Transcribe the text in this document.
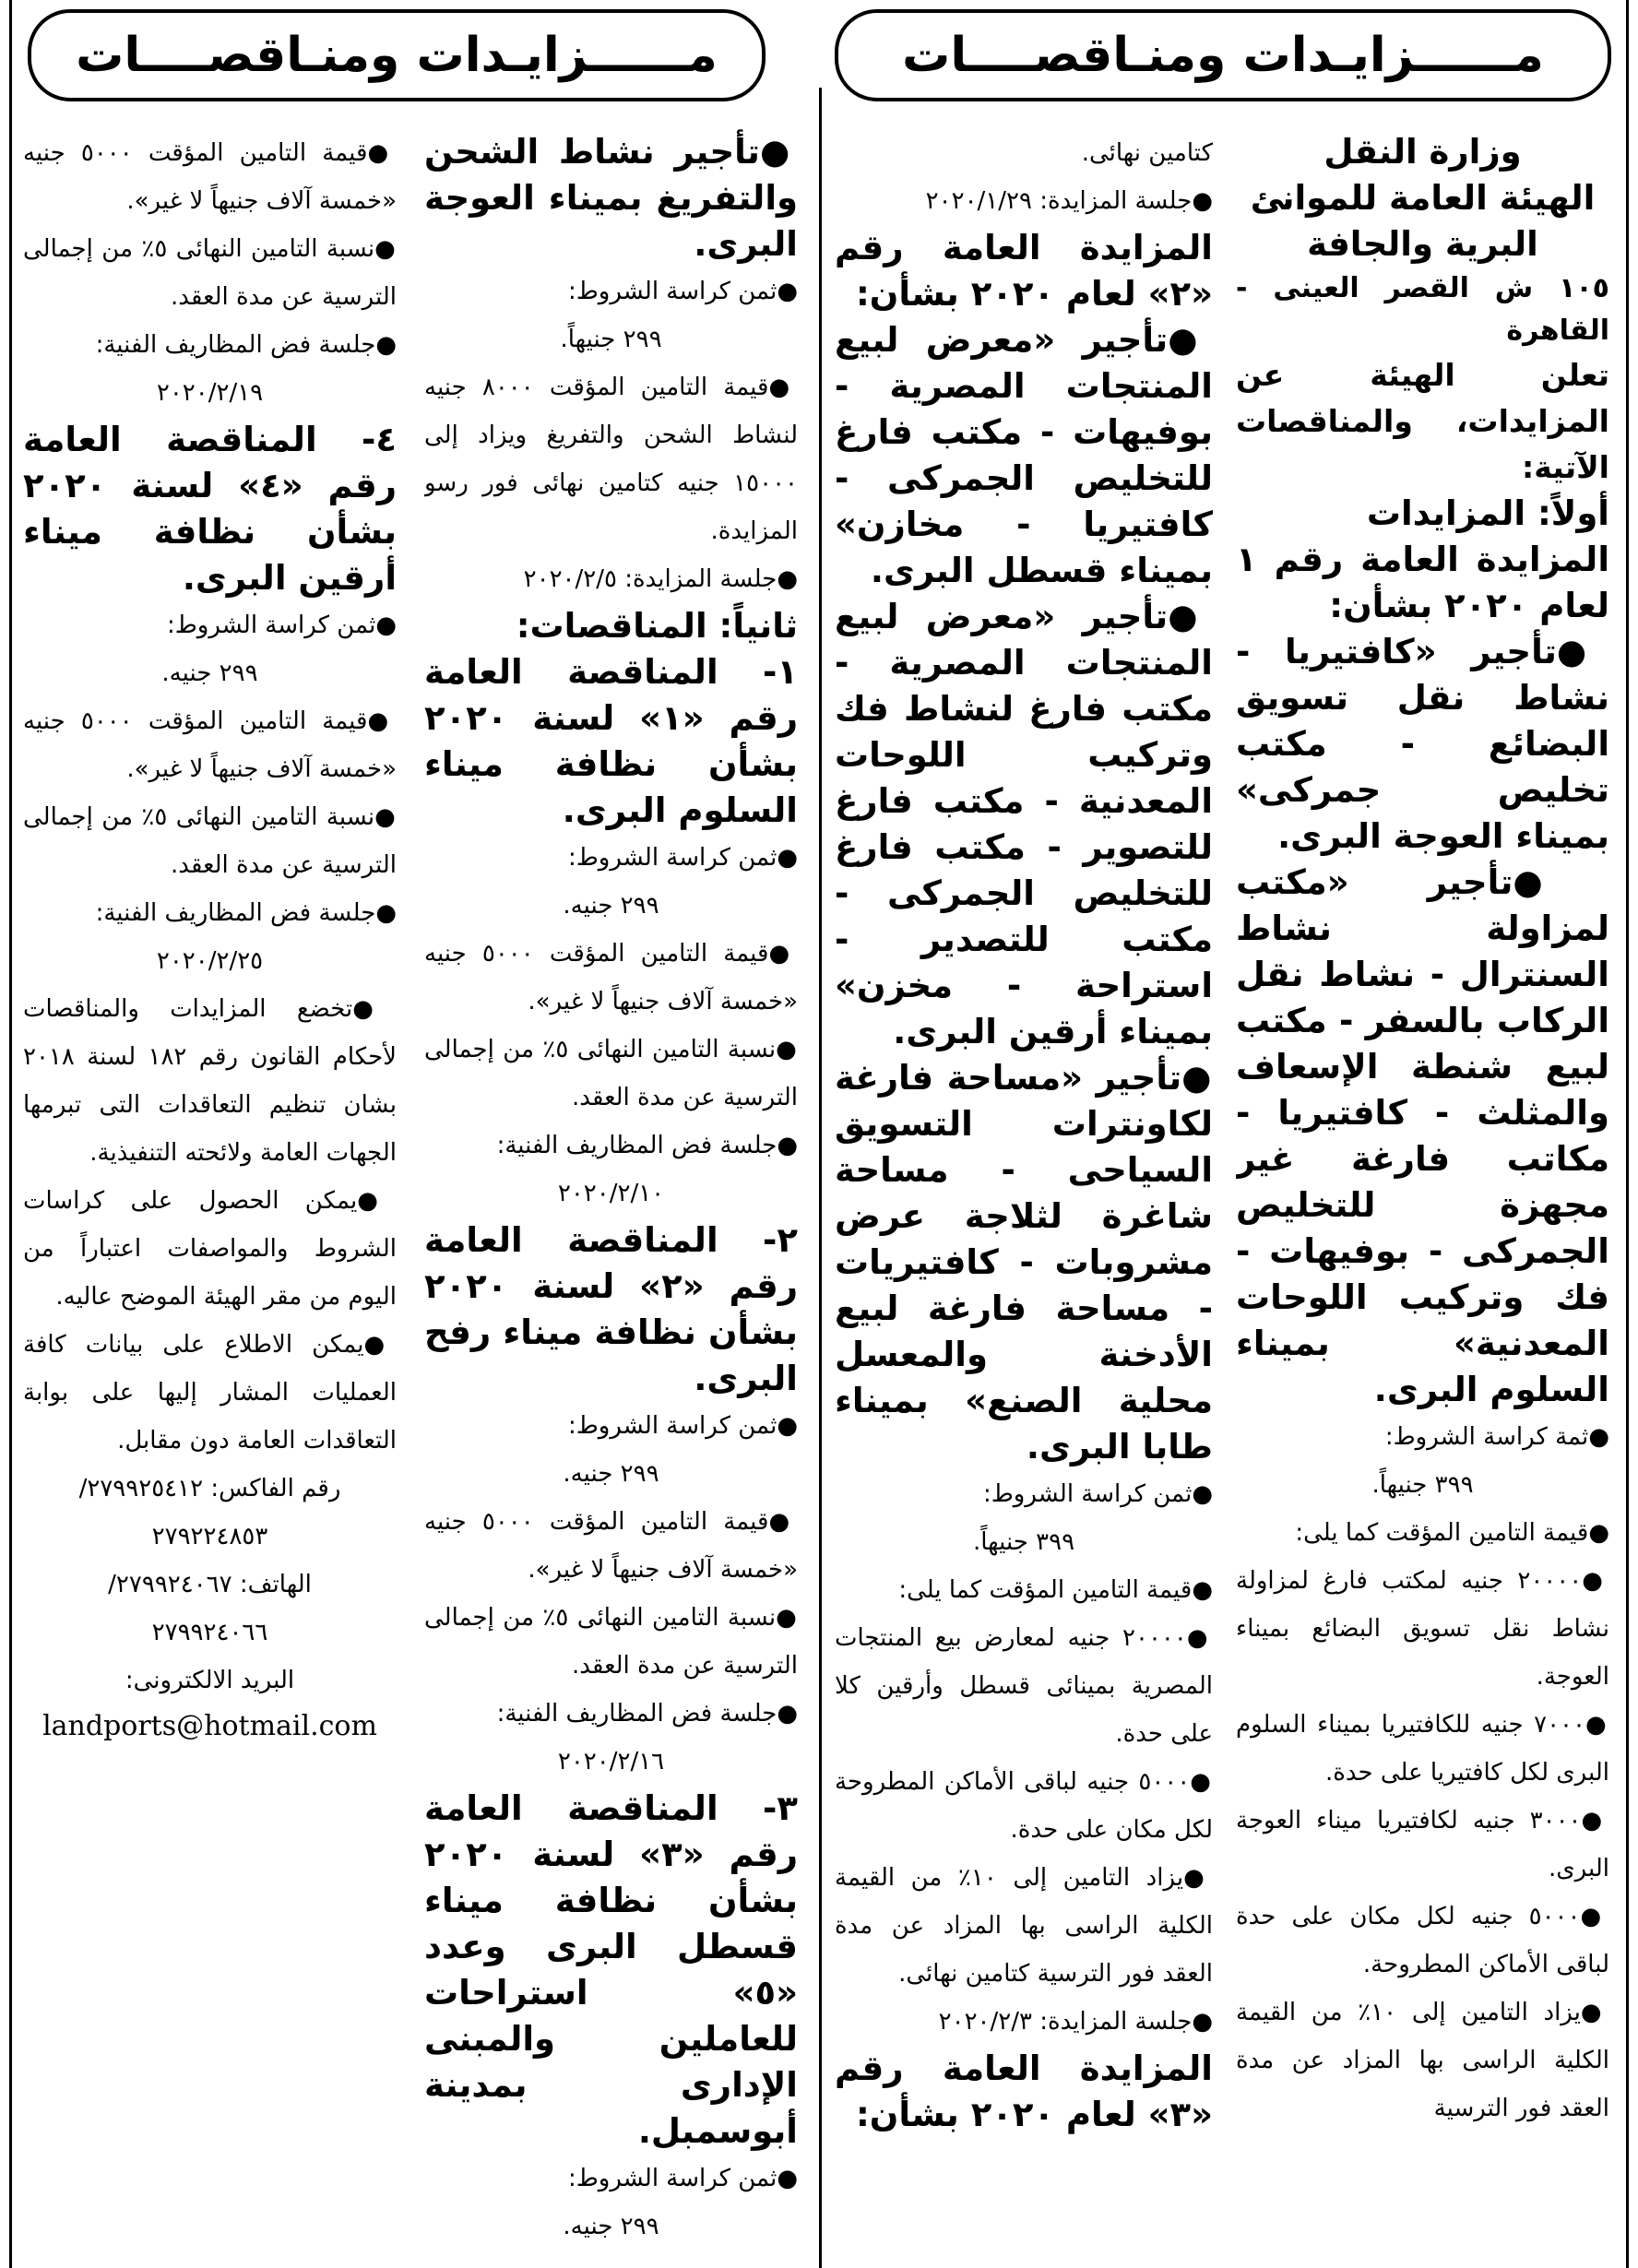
مــــــزايـدات ومنـاقصــــات
مــــــزايـدات ومنـاقصــــات

وزارة النقل

الهيئة العامة للموانئ البرية والجافة

١٠٥ ش القصر العينى - القاهرة

تعلن الهيئة عن المزايدات، والمناقصات الآتية:

أولاً: المزايدات

المزايدة العامة رقم ١ لعام ٢٠٢٠ بشأن:

● تأجير «كافتيريا - نشاط نقل تسويق البضائع - مكتب تخليص جمركى» بميناء العوجة البرى.

● تأجير «مكتب لمزاولة نشاط السنترال - نشاط نقل الركاب بالسفر - مكتب لبيع شنطة الإسعاف والمثلث - كافتيريا - مكاتب فارغة غير مجهزة للتخليص الجمركى - بوفيهات - فك وتركيب اللوحات المعدنية» بميناء السلوم البرى.

● ثمة كراسة الشروط:

٣٩٩ جنيهاً.

● قيمة التامين المؤقت كما يلى:

● ٢٠٠٠٠ جنيه لمكتب فارغ لمزاولة نشاط نقل تسويق البضائع بميناء العوجة.

● ٧٠٠٠ جنيه للكافتيريا بميناء السلوم البرى لكل كافتيريا على حدة.

● ٣٠٠٠ جنيه لكافتيريا ميناء العوجة البرى.

● ٥٠٠٠ جنيه لكل مكان على حدة لباقى الأماكن المطروحة.

● يزاد التامين إلى ١٠٪ من القيمة الكلية الراسى بها المزاد عن مدة العقد فور الترسية

كتامين نهائى.

● جلسة المزايدة: ٢٠٢٠/١/٢٩

المزايدة العامة رقم «٢» لعام ٢٠٢٠ بشأن:

● تأجير «معرض لبيع المنتجات المصرية - بوفيهات - مكتب فارغ للتخليص الجمركى - كافتيريا - مخازن» بميناء قسطل البرى.

● تأجير «معرض لبيع المنتجات المصرية - مكتب فارغ لنشاط فك وتركيب اللوحات المعدنية - مكتب فارغ للتصوير - مكتب فارغ للتخليص الجمركى - مكتب للتصدير - استراحة - مخزن» بميناء أرقين البرى.

● تأجير «مساحة فارغة لكاونترات التسويق السياحى - مساحة شاغرة لثلاجة عرض مشروبات - كافتيريات - مساحة فارغة لبيع الأدخنة والمعسل محلية الصنع» بميناء طابا البرى.

● ثمن كراسة الشروط:

٣٩٩ جنيهاً.

● قيمة التامين المؤقت كما يلى:

● ٢٠٠٠٠ جنيه لمعارض بيع المنتجات المصرية بمينائى قسطل وأرقين كلا على حدة.

● ٥٠٠٠ جنيه لباقى الأماكن المطروحة لكل مكان على حدة.

● يزاد التامين إلى ١٠٪ من القيمة الكلية الراسى بها المزاد عن مدة العقد فور الترسية كتامين نهائى.

● جلسة المزايدة: ٢٠٢٠/٢/٣

المزايدة العامة رقم «٣» لعام ٢٠٢٠ بشأن:

● تأجير نشاط الشحن والتفريغ بميناء العوجة البرى.

● ثمن كراسة الشروط:

٢٩٩ جنيهاً.

● قيمة التامين المؤقت ٨٠٠٠ جنيه لنشاط الشحن والتفريغ ويزاد إلى ١٥٠٠٠ جنيه كتامين نهائى فور رسو المزايدة.

● جلسة المزايدة: ٢٠٢٠/٢/٥

ثانياً: المناقصات:

١- المناقصة العامة رقم «١» لسنة ٢٠٢٠ بشأن نظافة ميناء السلوم البرى.

● ثمن كراسة الشروط:

٢٩٩ جنيه.

● قيمة التامين المؤقت ٥٠٠٠ جنيه «خمسة آلاف جنيهاً لا غير».

● نسبة التامين النهائى ٥٪ من إجمالى الترسية عن مدة العقد.

● جلسة فض المظاريف الفنية:

٢٠٢٠/٢/١٠

٢- المناقصة العامة رقم «٢» لسنة ٢٠٢٠ بشأن نظافة ميناء رفح البرى.

● ثمن كراسة الشروط:

٢٩٩ جنيه.

● قيمة التامين المؤقت ٥٠٠٠ جنيه «خمسة آلاف جنيهاً لا غير».

● نسبة التامين النهائى ٥٪ من إجمالى الترسية عن مدة العقد.

● جلسة فض المظاريف الفنية:

٢٠٢٠/٢/١٦

٣- المناقصة العامة رقم «٣» لسنة ٢٠٢٠ بشأن نظافة ميناء قسطل البرى وعدد «٥» استراحات للعاملين والمبنى الإدارى بمدينة أبوسمبل.

● ثمن كراسة الشروط:

٢٩٩ جنيه.

● قيمة التامين المؤقت ٥٠٠٠ جنيه «خمسة آلاف جنيهاً لا غير».

● نسبة التامين النهائى ٥٪ من إجمالى الترسية عن مدة العقد.

● جلسة فض المظاريف الفنية:

٢٠٢٠/٢/١٩

٤- المناقصة العامة رقم «٤» لسنة ٢٠٢٠ بشأن نظافة ميناء أرقين البرى.

● ثمن كراسة الشروط:

٢٩٩ جنيه.

● قيمة التامين المؤقت ٥٠٠٠ جنيه «خمسة آلاف جنيهاً لا غير».

● نسبة التامين النهائى ٥٪ من إجمالى الترسية عن مدة العقد.

● جلسة فض المظاريف الفنية:

٢٠٢٠/٢/٢٥

● تخضع المزايدات والمناقصات لأحكام القانون رقم ١٨٢ لسنة ٢٠١٨ بشان تنظيم التعاقدات التى تبرمها الجهات العامة ولائحته التنفيذية.

● يمكن الحصول على كراسات الشروط والمواصفات اعتباراً من اليوم من مقر الهيئة الموضح عاليه.

● يمكن الاطلاع على بيانات كافة العمليات المشار إليها على بوابة التعاقدات العامة دون مقابل.

رقم الفاكس: ٢٧٩٩٢٥٤١٢/

٢٧٩٢٢٤٨٥٣

الهاتف: ٢٧٩٩٢٤٠٦٧/

٢٧٩٩٢٤٠٦٦

البريد الالكترونى:

landports@hotmail.com
